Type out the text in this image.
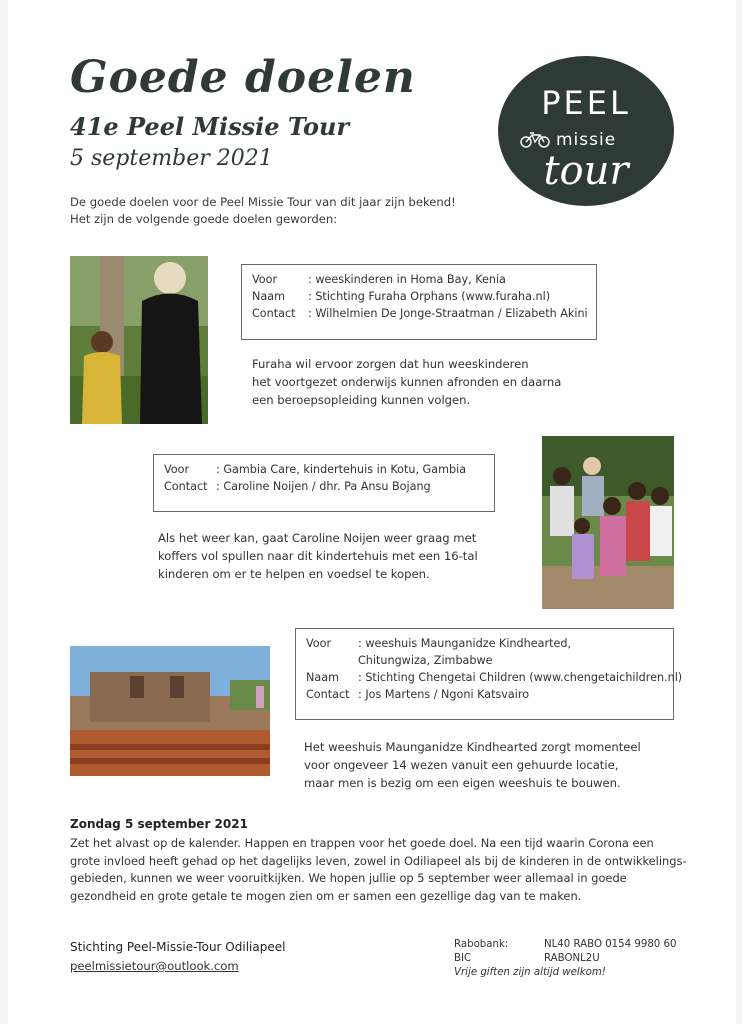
Goede doelen
41e Peel Missie Tour
5 september 2021
De goede doelen voor de Peel Missie Tour van dit jaar zijn bekend!
Het zijn de volgende goede doelen geworden:
PEEL
missie
tour
Voor	: weeskinderen in Homa Bay, Kenia
Naam	: Stichting Furaha Orphans (www.furaha.nl)
Contact	: Wilhelmien De Jonge-Straatman / Elizabeth Akini
Furaha wil ervoor zorgen dat hun weeskinderen
het voortgezet onderwijs kunnen afronden en daarna
een beroepsopleiding kunnen volgen.
Voor	: Gambia Care, kindertehuis in Kotu, Gambia
Contact : Caroline Noijen / dhr. Pa Ansu Bojang
Als het weer kan, gaat Caroline Noijen weer graag met
koffers vol spullen naar dit kindertehuis met een 16-tal
kinderen om er te helpen en voedsel te kopen.
Voor	: weeshuis Maunganidze Kindhearted,
Chitungwiza, Zimbabwe
Naam	: Stichting Chengetai Children (www.chengetaichildren.nl)
Contact : Jos Martens / Ngoni Katsvairo
Het weeshuis Maunganidze Kindhearted zorgt momenteel
voor ongeveer 14 wezen vanuit een gehuurde locatie,
maar men is bezig om een eigen weeshuis te bouwen.
Zondag 5 september 2021
Zet het alvast op de kalender. Happen en trappen voor het goede doel. Na een tijd waarin Corona een
grote invloed heeft gehad op het dagelijks leven, zowel in Odiliapeel als bij de kinderen in de ontwikkelings-
gebieden, kunnen we weer vooruitkijken. We hopen jullie op 5 september weer allemaal in goede
gezondheid en grote getale te mogen zien om er samen een gezellige dag van te maken.
Stichting Peel-Missie-Tour Odiliapeel
peelmissietour@outlook.com
Rabobank:	NL40 RABO 0154 9980 60
BIC	RABONL2U
Vrije giften zijn altijd welkom!
